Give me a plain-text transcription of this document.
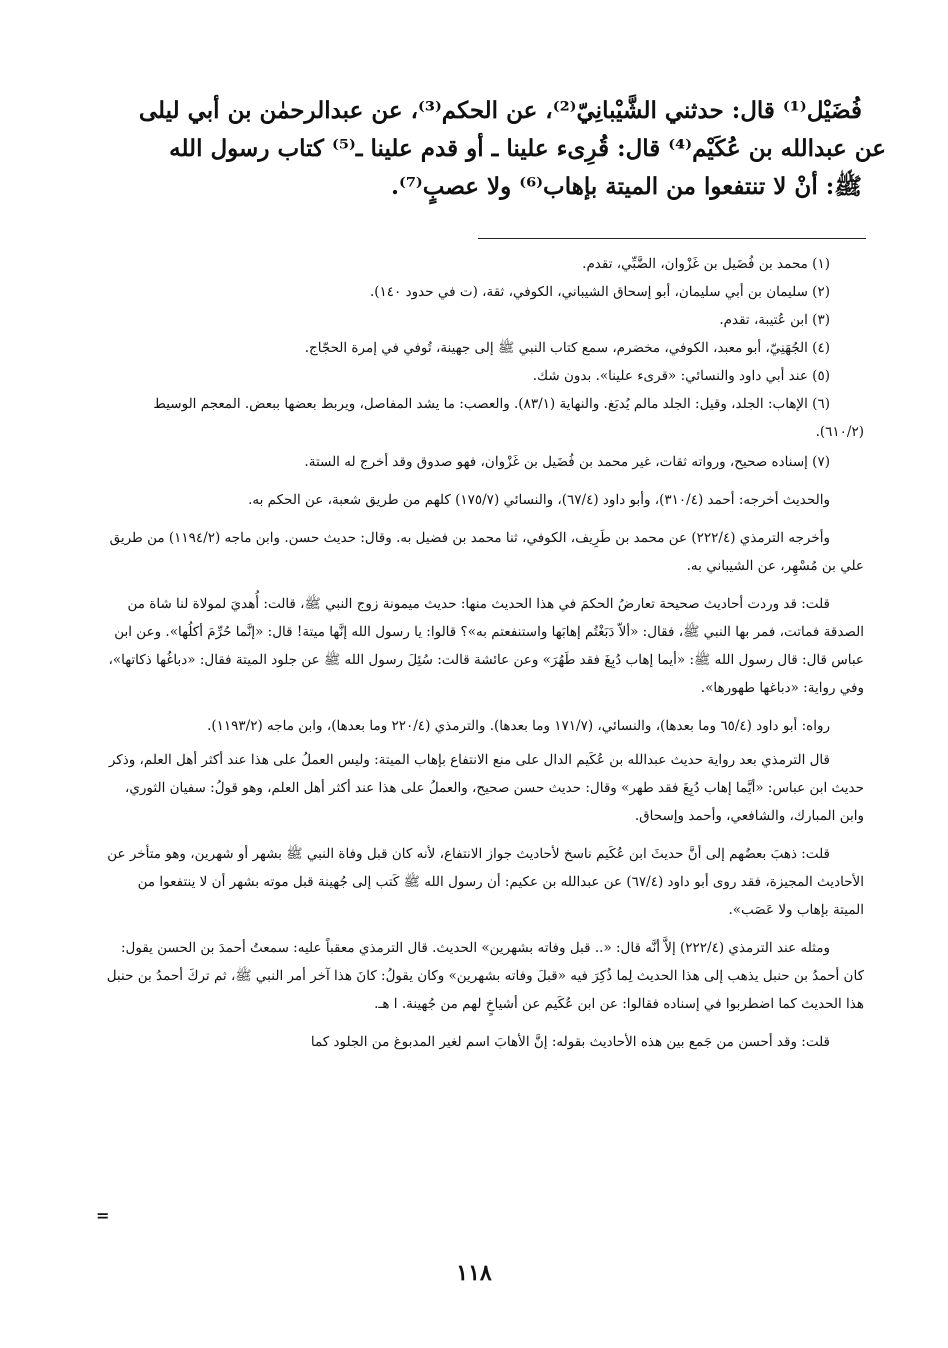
فُضَيْل⁽¹⁾ قال: حدثني الشَّيْبانِيّ⁽²⁾، عن الحكم⁽³⁾، عن عبدالرحمٰن بن أبي ليلى
عن عبدالله بن عُكَيْم⁽⁴⁾ قال: قُرِىء علينا ـ أو قدم علينا ـ⁽⁵⁾ كتاب رسول الله
ﷺ: أنْ لا تنتفعوا من الميتة بإهاب⁽⁶⁾ ولا عصبٍ⁽⁷⁾.

(١) محمد بن فُضَيل بن غَزْوان، الضَّبِّي، تقدم.

(٢) سليمان بن أبي سليمان، أبو إسحاق الشيباني، الكوفي، ثقة، (ت في حدود ١٤٠).

(٣) ابن عُتيبة، تقدم.

(٤) الجُهَنِيّ، أبو معبد، الكوفي، مخضرم، سمع كتاب النبي ﷺ إلى جهينة، تُوفي في إمرة الحجّاج.

(٥) عند أبي داود والنسائي: «قرىء علينا». بدون شك.

(٦) الإهاب: الجلد، وقيل: الجلد مالم يُدبَغ. والنهاية (٨٣/١). والعصب: ما يشد المفاصل، ويربط بعضها ببعض. المعجم الوسيط (٦١٠/٢).

(٧) إسناده صحيح، ورواته ثقات، غير محمد بن فُضَيل بن غَزْوان، فهو صدوق وقد أخرج له الستة.

والحديث أخرجه: أحمد (٣١٠/٤)، وأبو داود (٦٧/٤)، والنسائي (١٧٥/٧) كلهم من طريق شعبة، عن الحكم به.

وأخرجه الترمذي (٢٢٢/٤) عن محمد بن طَرِيف، الكوفي، ثنا محمد بن فضيل به. وقال: حديث حسن. وابن ماجه (١١٩٤/٢) من طريق علي بن مُسْهِر، عن الشيباني به.

قلت: قد وردت أحاديث صحيحة تعارضُ الحكمَ في هذا الحديث منها: حديث ميمونة زوج النبي ﷺ، قالت: أُهديَ لمولاة لنا شاة من الصدقة فماتت، فمر بها النبي ﷺ، فقال: «ألاّ دَبَغْتُم إهابَها واستنفعتم به»؟ قالوا: يا رسول الله إنَّها ميتة! قال: «إنَّما حُرِّمَ أكلُها». وعن ابن عباس قال: قال رسول الله ﷺ: «أيما إهاب دُبِغَ فقد طَهُرَ» وعن عائشة قالت: سُئِلَ رسول الله ﷺ عن جلود الميتة فقال: «دباغُها ذكاتها»، وفي رواية: «دباغها طهورها».

رواه: أبو داود (٦٥/٤ وما بعدها)، والنسائي، (١٧١/٧ وما بعدها). والترمذي (٢٢٠/٤ وما بعدها)، وابن ماجه (١١٩٣/٢).

قال الترمذي بعد رواية حديث عبدالله بن عُكَيم الدال على منع الانتفاع بإهاب الميتة: وليس العملُ على هذا عند أكثر أهل العلم، وذكر حديث ابن عباس: «أيَّما إهاب دُبِغَ فقد طهر» وقال: حديث حسن صحيح، والعملُ على هذا عند أكثر أهل العلم، وهو قولُ: سفيان الثوري، وابن المبارك، والشافعي، وأحمد وإسحاق.

قلت: ذهبَ بعضُهم إلى أنَّ حديثَ ابن عُكَيم ناسخ لأحاديث جواز الانتفاع، لأنه كان قبل وفاة النبي ﷺ بشهر أو شهرين، وهو متأخر عن الأحاديث المجيزة، فقد روى أبو داود (٦٧/٤) عن عبدالله بن عكيم: أن رسول الله ﷺ كَتب إلى جُهينة قبل موته بشهر أن لا ينتفعوا من الميتة بإهاب ولا عَصَب».

ومثله عند الترمذي (٢٢٢/٤) إلاَّ أنَّه قال: «.. قبل وفاته بشهرين» الحديث. قال الترمذي معقباً عليه: سمعتُ أحمدَ بن الحسن يقول: كان أحمدُ بن حنبل يذهب إلى هذا الحديث لِما ذُكِرَ فيه «قبلَ وفاته بشهرين» وكان يقولُ: كانَ هذا آخر أمر النبي ﷺ، ثم تركَ أحمدُ بن حنبل هذا الحديث كما اضطربوا في إسناده فقالوا: عن ابن عُكَيم عن أشياخٍ لهم من جُهينة. ا هـ.

قلت: وقد أحسن من جَمع بين هذه الأحاديث بقوله: إنَّ الأهابَ اسم لغير المدبوغ من الجلود كما

=
١١٨
